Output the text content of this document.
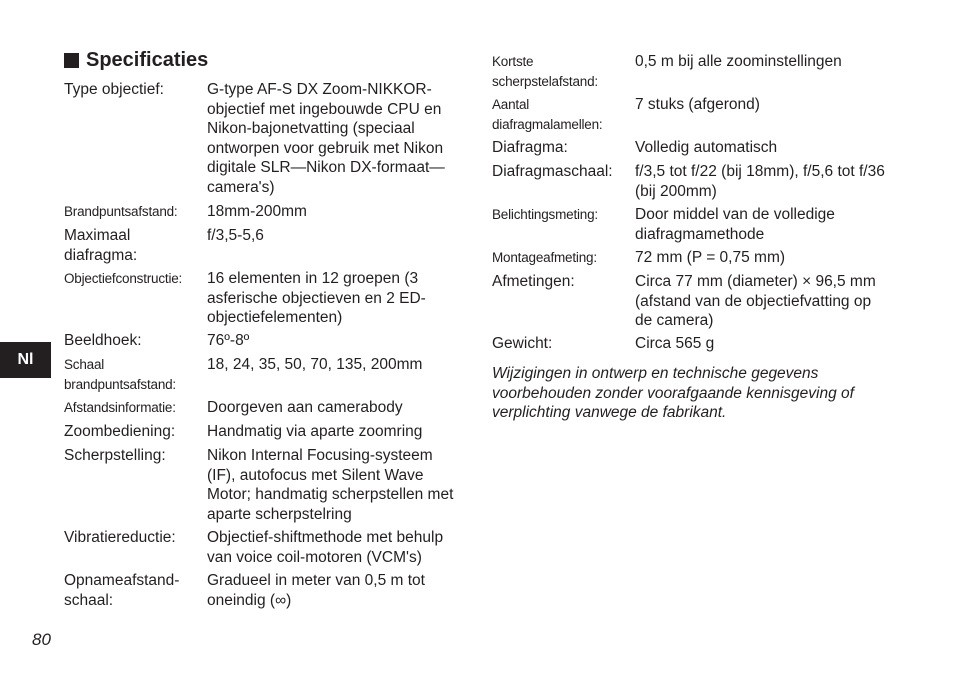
Specificaties
Type objectief:	G-type AF-S DX Zoom-NIKKOR-objectief met ingebouwde CPU en Nikon-bajonetvatting (speciaal ontworpen voor gebruik met Nikon digitale SLR—Nikon DX-formaat—camera's)
Brandpuntsafstand:	18mm-200mm
Maximaal diafragma:
f/3,5-5,6
Objectiefconstructie:	16 elementen in 12 groepen (3 asferische objectieven en 2 ED-objectiefelementen)
Beeldhoek:	76º-8º
Schaal brandpuntsafstand:
18, 24, 35, 50, 70, 135, 200mm
Afstandsinformatie:	Doorgeven aan camerabody
Zoombediening:	Handmatig via aparte zoomring
Scherpstelling:	Nikon Internal Focusing-systeem (IF), autofocus met Silent Wave Motor; handmatig scherpstellen met aparte scherpstelring
Vibratiereductie:	Objectief-shiftmethode met behulp van voice coil-motoren (VCM's)
Opnameafstand-schaal:
Gradueel in meter van 0,5 m tot oneindig (∞)
Kortste scherpstelafstand:
0,5 m bij alle zoominstellingen
Aantal diafragmalamellen:
7 stuks (afgerond)
Diafragma:	Volledig automatisch
Diafragmaschaal:	f/3,5 tot f/22 (bij 18mm), f/5,6 tot f/36 (bij 200mm)
Belichtingsmeting:	Door middel van de volledige diafragmamethode
Montageafmeting:	72 mm (P = 0,75 mm)
Afmetingen:	Circa 77 mm (diameter) × 96,5 mm (afstand van de objectiefvatting op de camera)
Gewicht:	Circa 565 g
Wijzigingen in ontwerp en technische gegevens voorbehouden zonder voorafgaande kennisgeving of verplichting vanwege de fabrikant.
Nl
80
